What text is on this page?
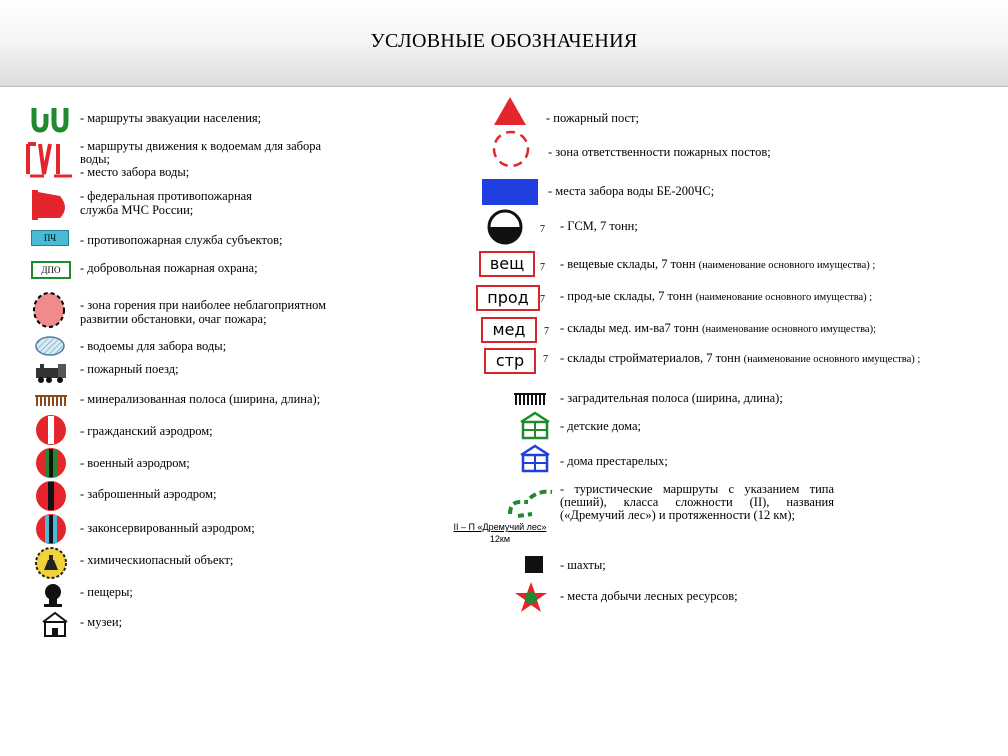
УСЛОВНЫЕ ОБОЗНАЧЕНИЯ
ПЧ
ДПО
- маршруты эвакуации населения;
- маршруты движения к водоемам для забора
воды;
- место забора воды;
- федеральная противопожарная
служба МЧС России;
- противопожарная служба субъектов;
- добровольная пожарная охрана;
- зона горения при наиболее неблагоприятном
развитии обстановки, очаг пожара;
- водоемы для забора воды;
- пожарный поезд;
- минерализованная полоса (ширина, длина);
- гражданский аэродром;
- военный аэродром;
- заброшенный аэродром;
- законсервированный аэродром;
- химическиопасный объект;
- пещеры;
- музеи;
7
вещ	7
прод	7
мед	7
стр	7
II – П «Дремучий лес»
12км
- пожарный пост;
- зона ответственности пожарных постов;
- места забора воды БЕ-200ЧС;
- ГСМ, 7 тонн;
- вещевые склады, 7 тонн (наименование основного имущества) ;
- прод-ые склады, 7 тонн (наименование основного имущества) ;
- склады мед. им-ва7 тонн (наименование основного имущества);
- склады стройматериалов, 7 тонн (наименование основного имущества) ;
- заградительная полоса (ширина, длина);
- детские дома;
- дома престарелых;
- туристические маршруты с указанием типа (пеший), класса сложности (II), названия («Дремучий лес») и протяженности (12 км);
- шахты;
- места добычи лесных ресурсов;
